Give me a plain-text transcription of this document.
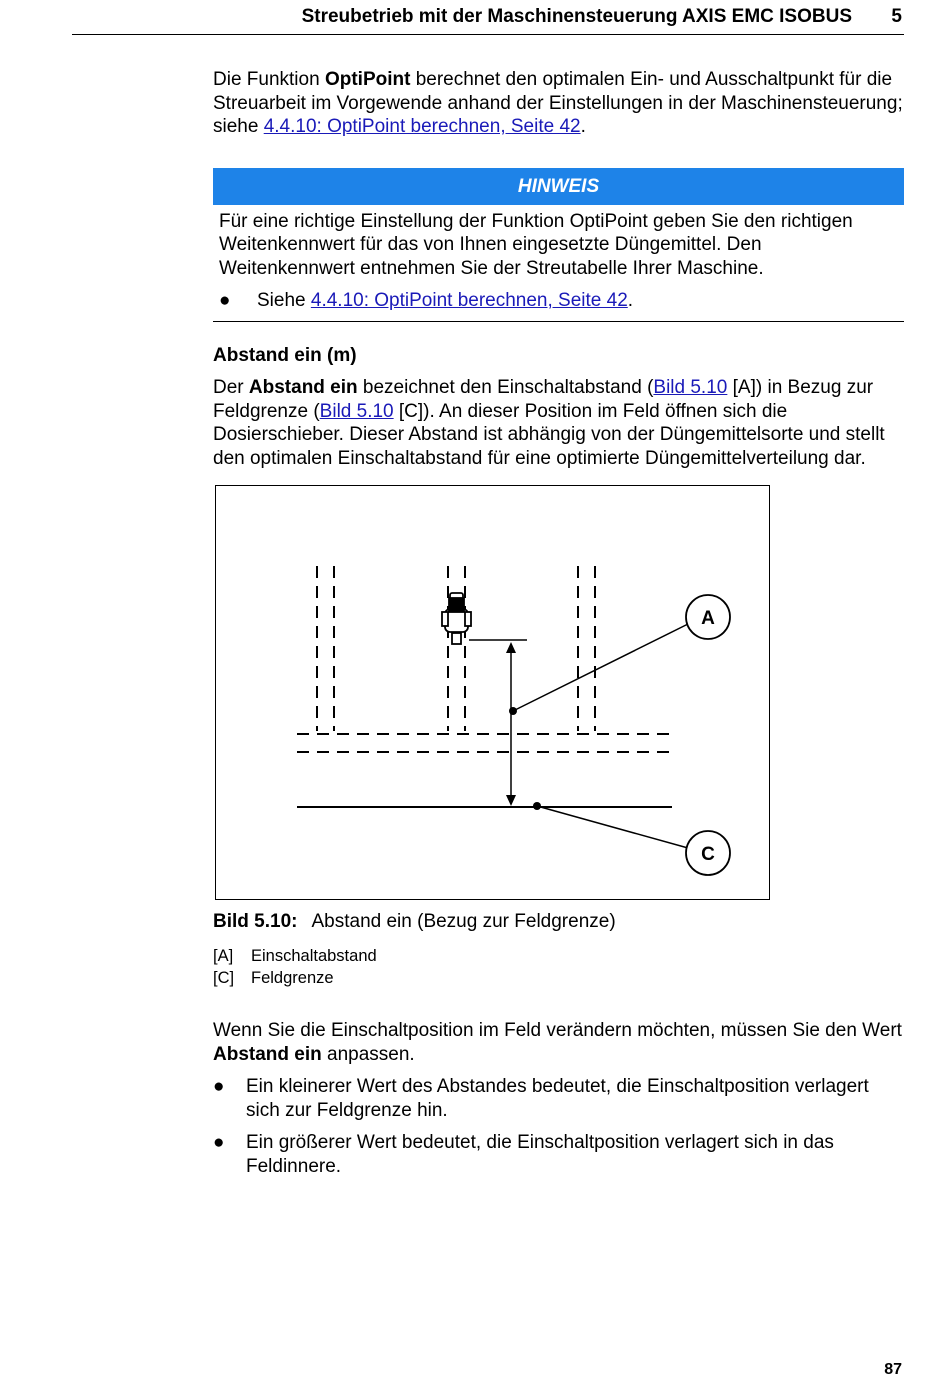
Streubetrieb mit der Maschinensteuerung AXIS EMC ISOBUS 5

Die Funktion OptiPoint berechnet den optimalen Ein- und Ausschaltpunkt für die Streuarbeit im Vorgewende anhand der Einstellungen in der Maschinensteuerung; siehe 4.4.10: OptiPoint berechnen, Seite 42.

HINWEIS
Für eine richtige Einstellung der Funktion OptiPoint geben Sie den richtigen Weitenkennwert für das von Ihnen eingesetzte Düngemittel. Den Weitenkennwert entnehmen Sie der Streutabelle Ihrer Maschine.
●	Siehe 4.4.10: OptiPoint berechnen, Seite 42.

Abstand ein (m)

Der Abstand ein bezeichnet den Einschaltabstand (Bild 5.10 [A]) in Bezug zur Feldgrenze (Bild 5.10 [C]). An dieser Position im Feld öffnen sich die Dosierschieber. Dieser Abstand ist abhängig von der Düngemittelsorte und stellt den optimalen Einschaltabstand für eine optimierte Düngemittelverteilung dar.

A
C
Bild 5.10: Abstand ein (Bezug zur Feldgrenze)
[A] Einschaltabstand
[C] Feldgrenze

Wenn Sie die Einschaltposition im Feld verändern möchten, müssen Sie den Wert Abstand ein anpassen.

●	Ein kleinerer Wert des Abstandes bedeutet, die Einschaltposition verlagert sich zur Feldgrenze hin.
●	Ein größerer Wert bedeutet, die Einschaltposition verlagert sich in das Feldinnere.
87
